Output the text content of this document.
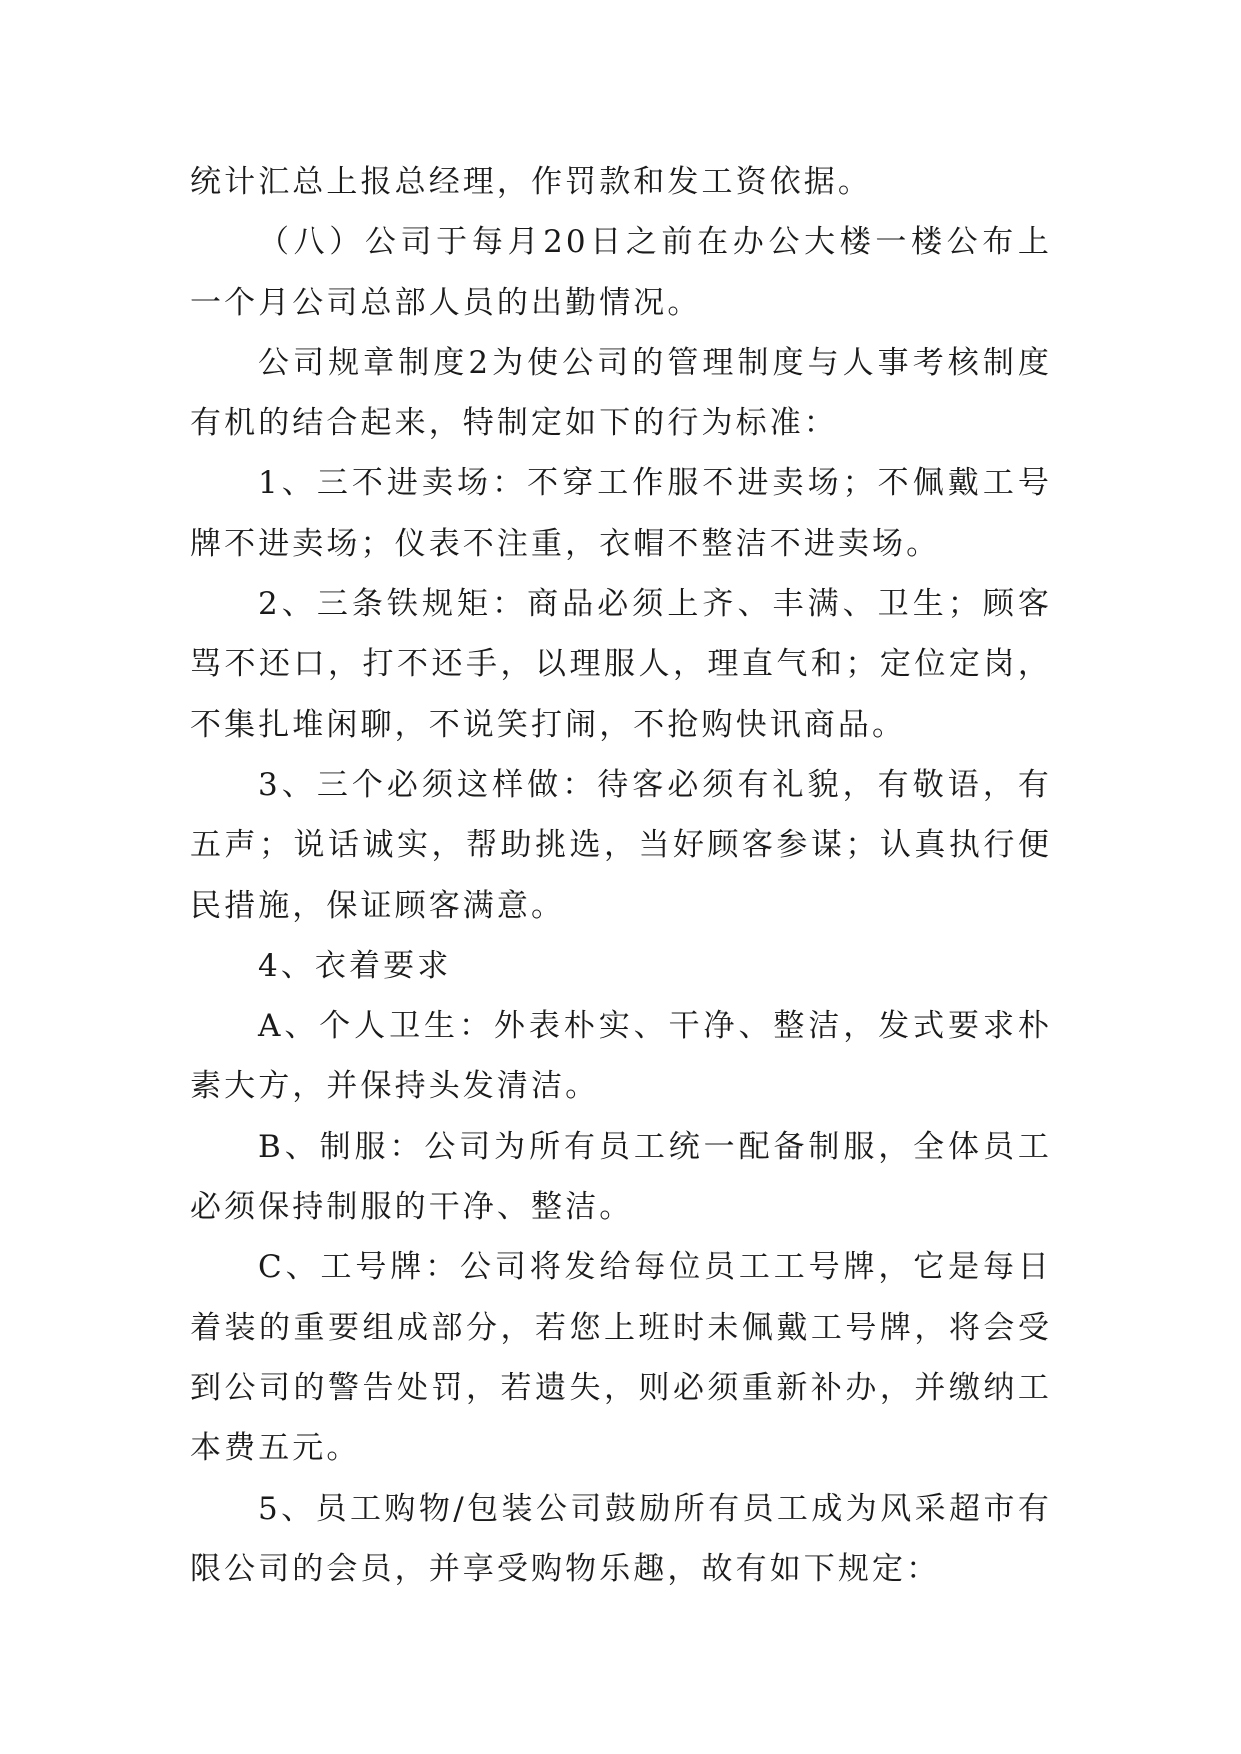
统计汇总上报总经理，作罚款和发工资依据。

（八）公司于每月20日之前在办公大楼一楼公布上一个月公司总部人员的出勤情况。

公司规章制度2为使公司的管理制度与人事考核制度有机的结合起来，特制定如下的行为标准：

1、三不进卖场：不穿工作服不进卖场；不佩戴工号牌不进卖场；仪表不注重，衣帽不整洁不进卖场。

2、三条铁规矩：商品必须上齐、丰满、卫生；顾客骂不还口，打不还手，以理服人，理直气和；定位定岗，不集扎堆闲聊，不说笑打闹，不抢购快讯商品。

3、三个必须这样做：待客必须有礼貌，有敬语，有五声；说话诚实，帮助挑选，当好顾客参谋；认真执行便民措施，保证顾客满意。

4、衣着要求

A、个人卫生：外表朴实、干净、整洁，发式要求朴素大方，并保持头发清洁。

B、制服：公司为所有员工统一配备制服，全体员工必须保持制服的干净、整洁。

C、工号牌：公司将发给每位员工工号牌，它是每日着装的重要组成部分，若您上班时未佩戴工号牌，将会受到公司的警告处罚，若遗失，则必须重新补办，并缴纳工本费五元。

5、员工购物/包装公司鼓励所有员工成为风采超市有限公司的会员，并享受购物乐趣，故有如下规定：
